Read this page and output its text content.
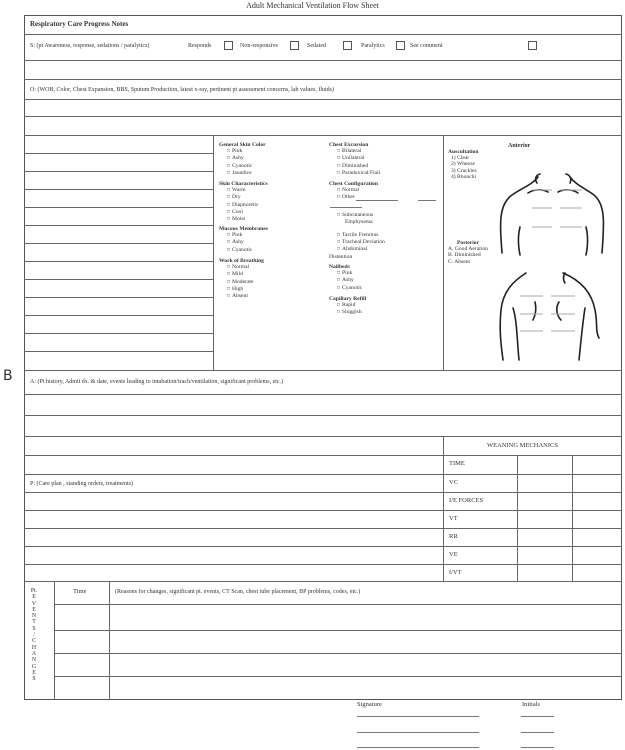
Adult Mechanical Ventilation Flow Sheet
B
Respiratory Care Progress Notes
S: (pt Awareness, response, sedations / paralytics)	Responds	Non-responsive	Sedated	Paralytics	See comment
O: (WOB, Color, Chest Expansion, BBS, Sputum Production, latest x-ray, pertinent pt assessment concerns, lab values, fluids)
General Skin Color
□ Pink
□ Ashy
□ Cyanotic
□ Jaundice
Skin Characteristics
□ Warm
□ Dry
□ Diaphoretic
□ Cool
□ Moist
Mucous Membranes
□ Pink
□ Ashy
□ Cyanotic
Work of Breathing
□ Normal
□ Mild
□ Moderate
□ High
□ Absent
Chest Excursion
□ Bilateral
□ Unilateral
□ Diminished
□ Paradoxical/Flail
Chest Configuration
□ Normal
□ Other
□ Subcutaneous
Emphysema
□ Tactile Fremitus
□ Tracheal Deviation
□ Abdominal
Distention
Nailbeds
□ Pink
□ Ashy
□ Cyanotic
Capillary Refill
□ Rapid
□ Sluggish
Anterior
Auscultation
1) Clear
2) Wheeze
3) Crackles
4) Rhonchi
Posterior
A. Good Aeration
B. Diminished
C. Absent
A: (Pt history, Admit dx. & date, events leading to intubation/trach/ventilation, significant problems, etc.)
P: (Care plan , standing orders, treatments)
WEANING MECHANICS
TIME
VC
I/E FORCES
VT
RR
VE
f/VT
Pt.
E
V
E
N
T
S
/
C
H
A
N
G
E
S
Time	(Reasons for changes, significant pt. events, CT Scan, chest tube placement, BP problems, codes, etc.)
Signature	Initials
